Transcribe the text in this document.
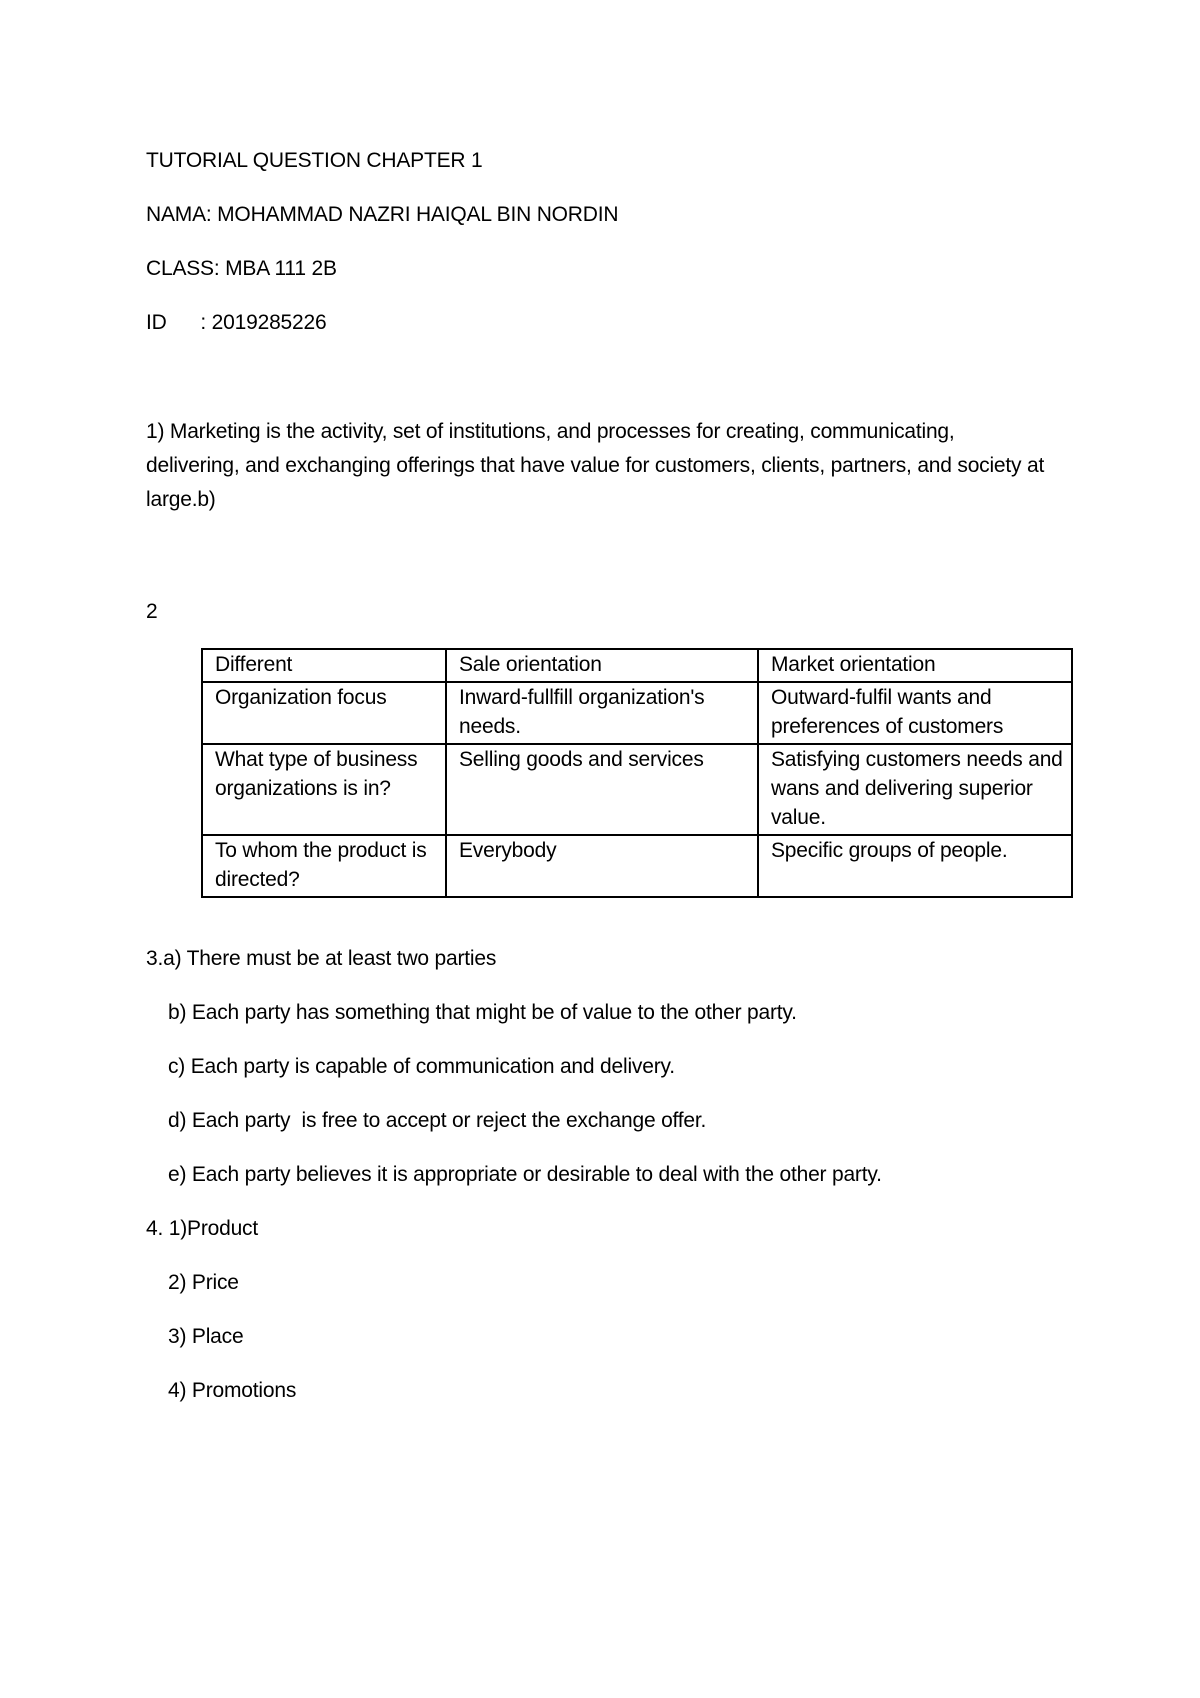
TUTORIAL QUESTION CHAPTER 1
NAMA: MOHAMMAD NAZRI HAIQAL BIN NORDIN
CLASS: MBA 111 2B
ID      : 2019285226
1) Marketing is the activity, set of institutions, and processes for creating, communicating, delivering, and exchanging offerings that have value for customers, clients, partners, and society at large.b)
2
Different	Sale orientation	Market orientation
Organization focus	Inward-fullfill organization's needs.	Outward-fulfil wants and preferences of customers
What type of business organizations is in?	Selling goods and services	Satisfying customers needs and wans and delivering superior value.
To whom the product is directed?	Everybody	Specific groups of people.
3.a) There must be at least two parties
b) Each party has something that might be of value to the other party.
c) Each party is capable of communication and delivery.
d) Each party  is free to accept or reject the exchange offer.
e) Each party believes it is appropriate or desirable to deal with the other party.
4. 1)Product
2) Price
3) Place
4) Promotions
